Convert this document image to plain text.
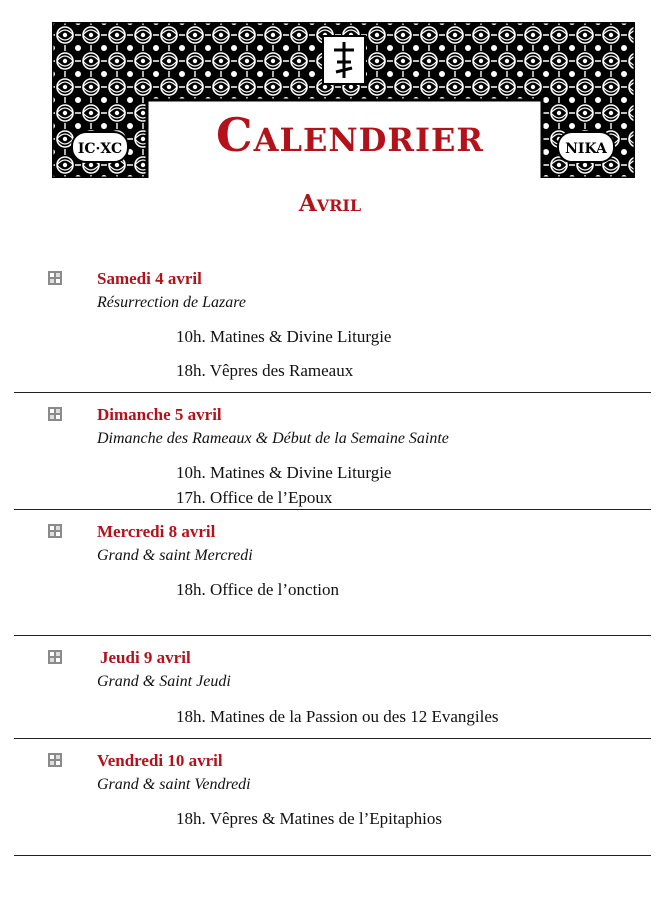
IC·XC	NIKA
Calendrier
Avril
Samedi 4 avril
Résurrection de Lazare
10h. Matines & Divine Liturgie
18h. Vêpres des Rameaux
Dimanche 5 avril
Dimanche des Rameaux & Début de la Semaine Sainte
10h. Matines & Divine Liturgie
17h. Office de l’Epoux
Mercredi 8 avril
Grand & saint Mercredi
18h. Office de l’onction
Jeudi 9 avril
Grand & Saint Jeudi
18h. Matines de la Passion ou des 12 Evangiles
Vendredi 10 avril
Grand & saint Vendredi
18h. Vêpres & Matines de l’Epitaphios
